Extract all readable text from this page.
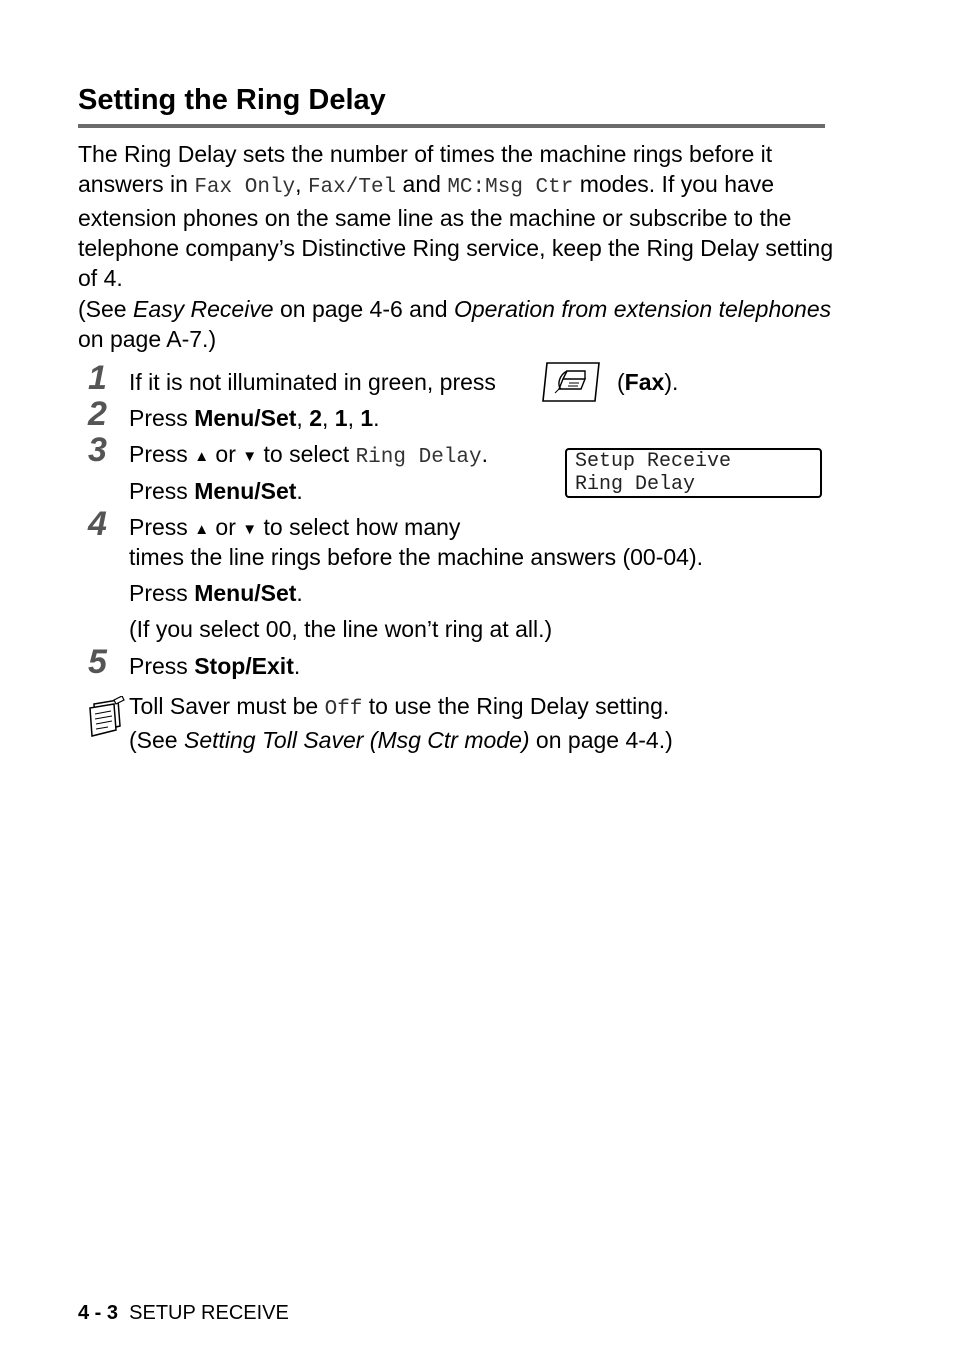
Setting the Ring Delay
The Ring Delay sets the number of times the machine rings before it answers in Fax Only, Fax/Tel and MC:Msg Ctr modes. If you have extension phones on the same line as the machine or subscribe to the telephone company’s Distinctive Ring service, keep the Ring Delay setting of 4.
(See Easy Receive on page 4-6 and Operation from extension telephones on page A-7.)
1 If it is not illuminated in green, press	(Fax).
2 Press Menu/Set, 2, 1, 1.
3 Press ▲ or ▼ to select Ring Delay.
Press Menu/Set.
Setup Receive
Ring Delay
4 Press ▲ or ▼ to select how many
times the line rings before the machine answers (00-04).
Press Menu/Set.
(If you select 00, the line won’t ring at all.)
5 Press Stop/Exit.
Toll Saver must be Off to use the Ring Delay setting.
(See Setting Toll Saver (Msg Ctr mode) on page 4-4.)
4 - 3 SETUP RECEIVE
